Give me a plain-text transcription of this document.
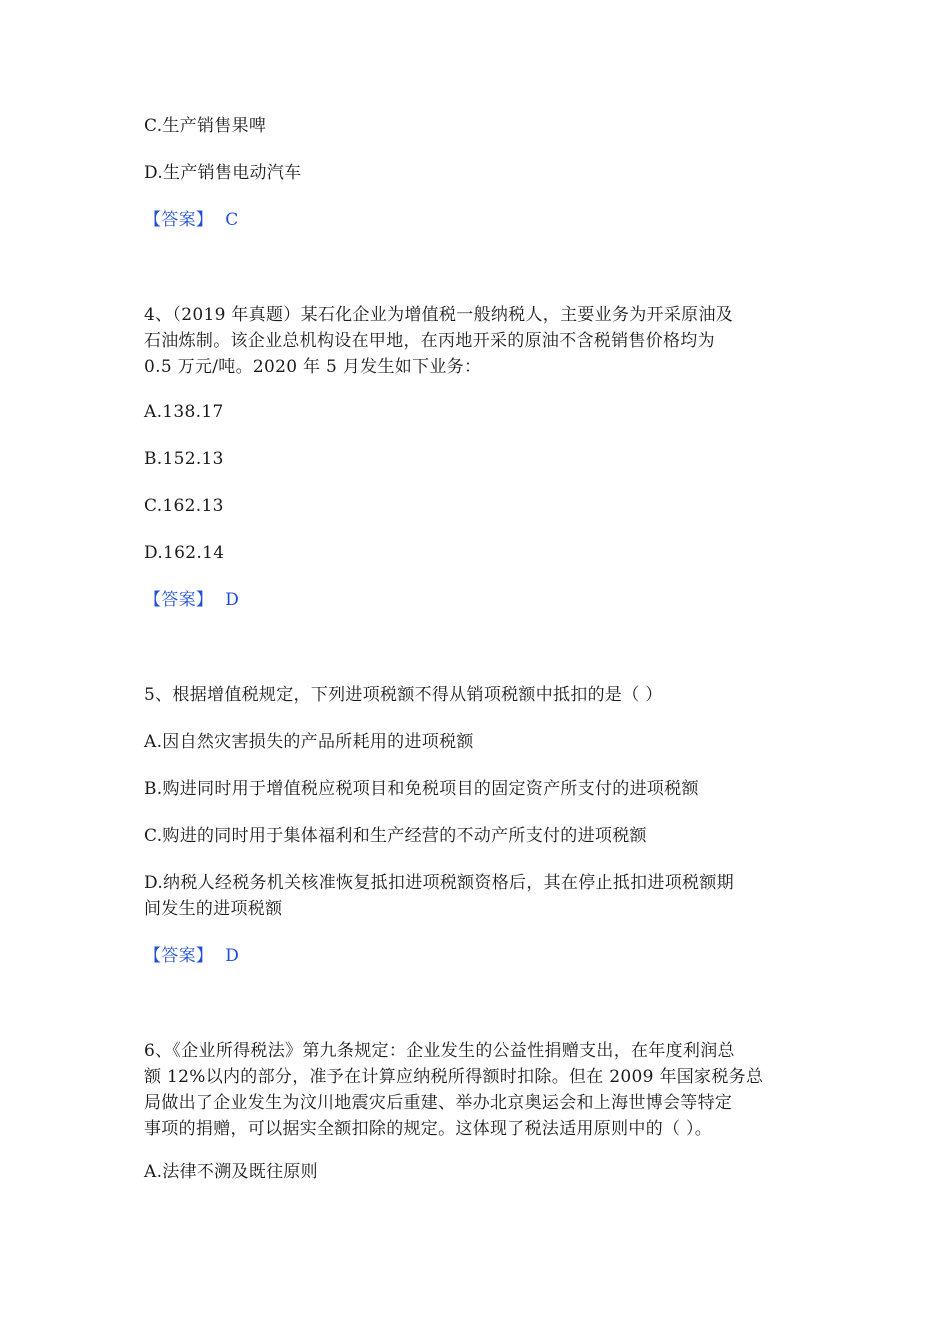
C.生产销售果啤
D.生产销售电动汽车
【答案】 C
4、（2019 年真题）某石化企业为增值税一般纳税人，主要业务为开采原油及
石油炼制。该企业总机构设在甲地，在丙地开采的原油不含税销售价格均为
0.5 万元/吨。2020 年 5 月发生如下业务：
A.138.17
B.152.13
C.162.13
D.162.14
【答案】 D
5、根据增值税规定，下列进项税额不得从销项税额中抵扣的是（ ）
A.因自然灾害损失的产品所耗用的进项税额
B.购进同时用于增值税应税项目和免税项目的固定资产所支付的进项税额
C.购进的同时用于集体福利和生产经营的不动产所支付的进项税额
D.纳税人经税务机关核准恢复抵扣进项税额资格后，其在停止抵扣进项税额期
间发生的进项税额
【答案】 D
6、《企业所得税法》第九条规定：企业发生的公益性捐赠支出，在年度利润总
额 12%以内的部分，准予在计算应纳税所得额时扣除。但在 2009 年国家税务总
局做出了企业发生为汶川地震灾后重建、举办北京奥运会和上海世博会等特定
事项的捐赠，可以据实全额扣除的规定。这体现了税法适用原则中的（ ）。
A.法律不溯及既往原则
